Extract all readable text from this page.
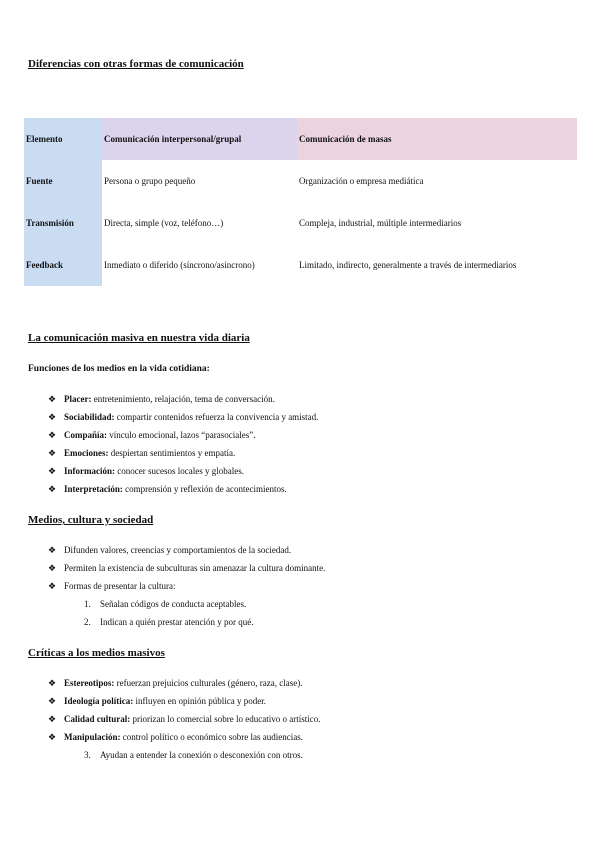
Diferencias con otras formas de comunicación

Elemento	Comunicación interpersonal/grupal	Comunicación de masas
Fuente	Persona o grupo pequeño	Organización o empresa mediática
Transmisión	Directa, simple (voz, teléfono…)	Compleja, industrial, múltiple intermediarios
Feedback	Inmediato o diferido (síncrono/asíncrono)	Limitado, indirecto, generalmente a través de intermediarios

La comunicación masiva en nuestra vida diaria

Funciones de los medios en la vida cotidiana:

❖ Placer: entretenimiento, relajación, tema de conversación.
❖ Sociabilidad: compartir contenidos refuerza la convivencia y amistad.
❖ Compañía: vínculo emocional, lazos “parasociales”.
❖ Emociones: despiertan sentimientos y empatía.
❖ Información: conocer sucesos locales y globales.
❖ Interpretación: comprensión y reflexión de acontecimientos.

Medios, cultura y sociedad

❖ Difunden valores, creencias y comportamientos de la sociedad.
❖ Permiten la existencia de subculturas sin amenazar la cultura dominante.
❖ Formas de presentar la cultura:
1. Señalan códigos de conducta aceptables.
2. Indican a quién prestar atención y por qué.

Críticas a los medios masivos

❖ Estereotipos: refuerzan prejuicios culturales (género, raza, clase).
❖ Ideología política: influyen en opinión pública y poder.
❖ Calidad cultural: priorizan lo comercial sobre lo educativo o artístico.
❖ Manipulación: control político o económico sobre las audiencias.
3. Ayudan a entender la conexión o desconexión con otros.
